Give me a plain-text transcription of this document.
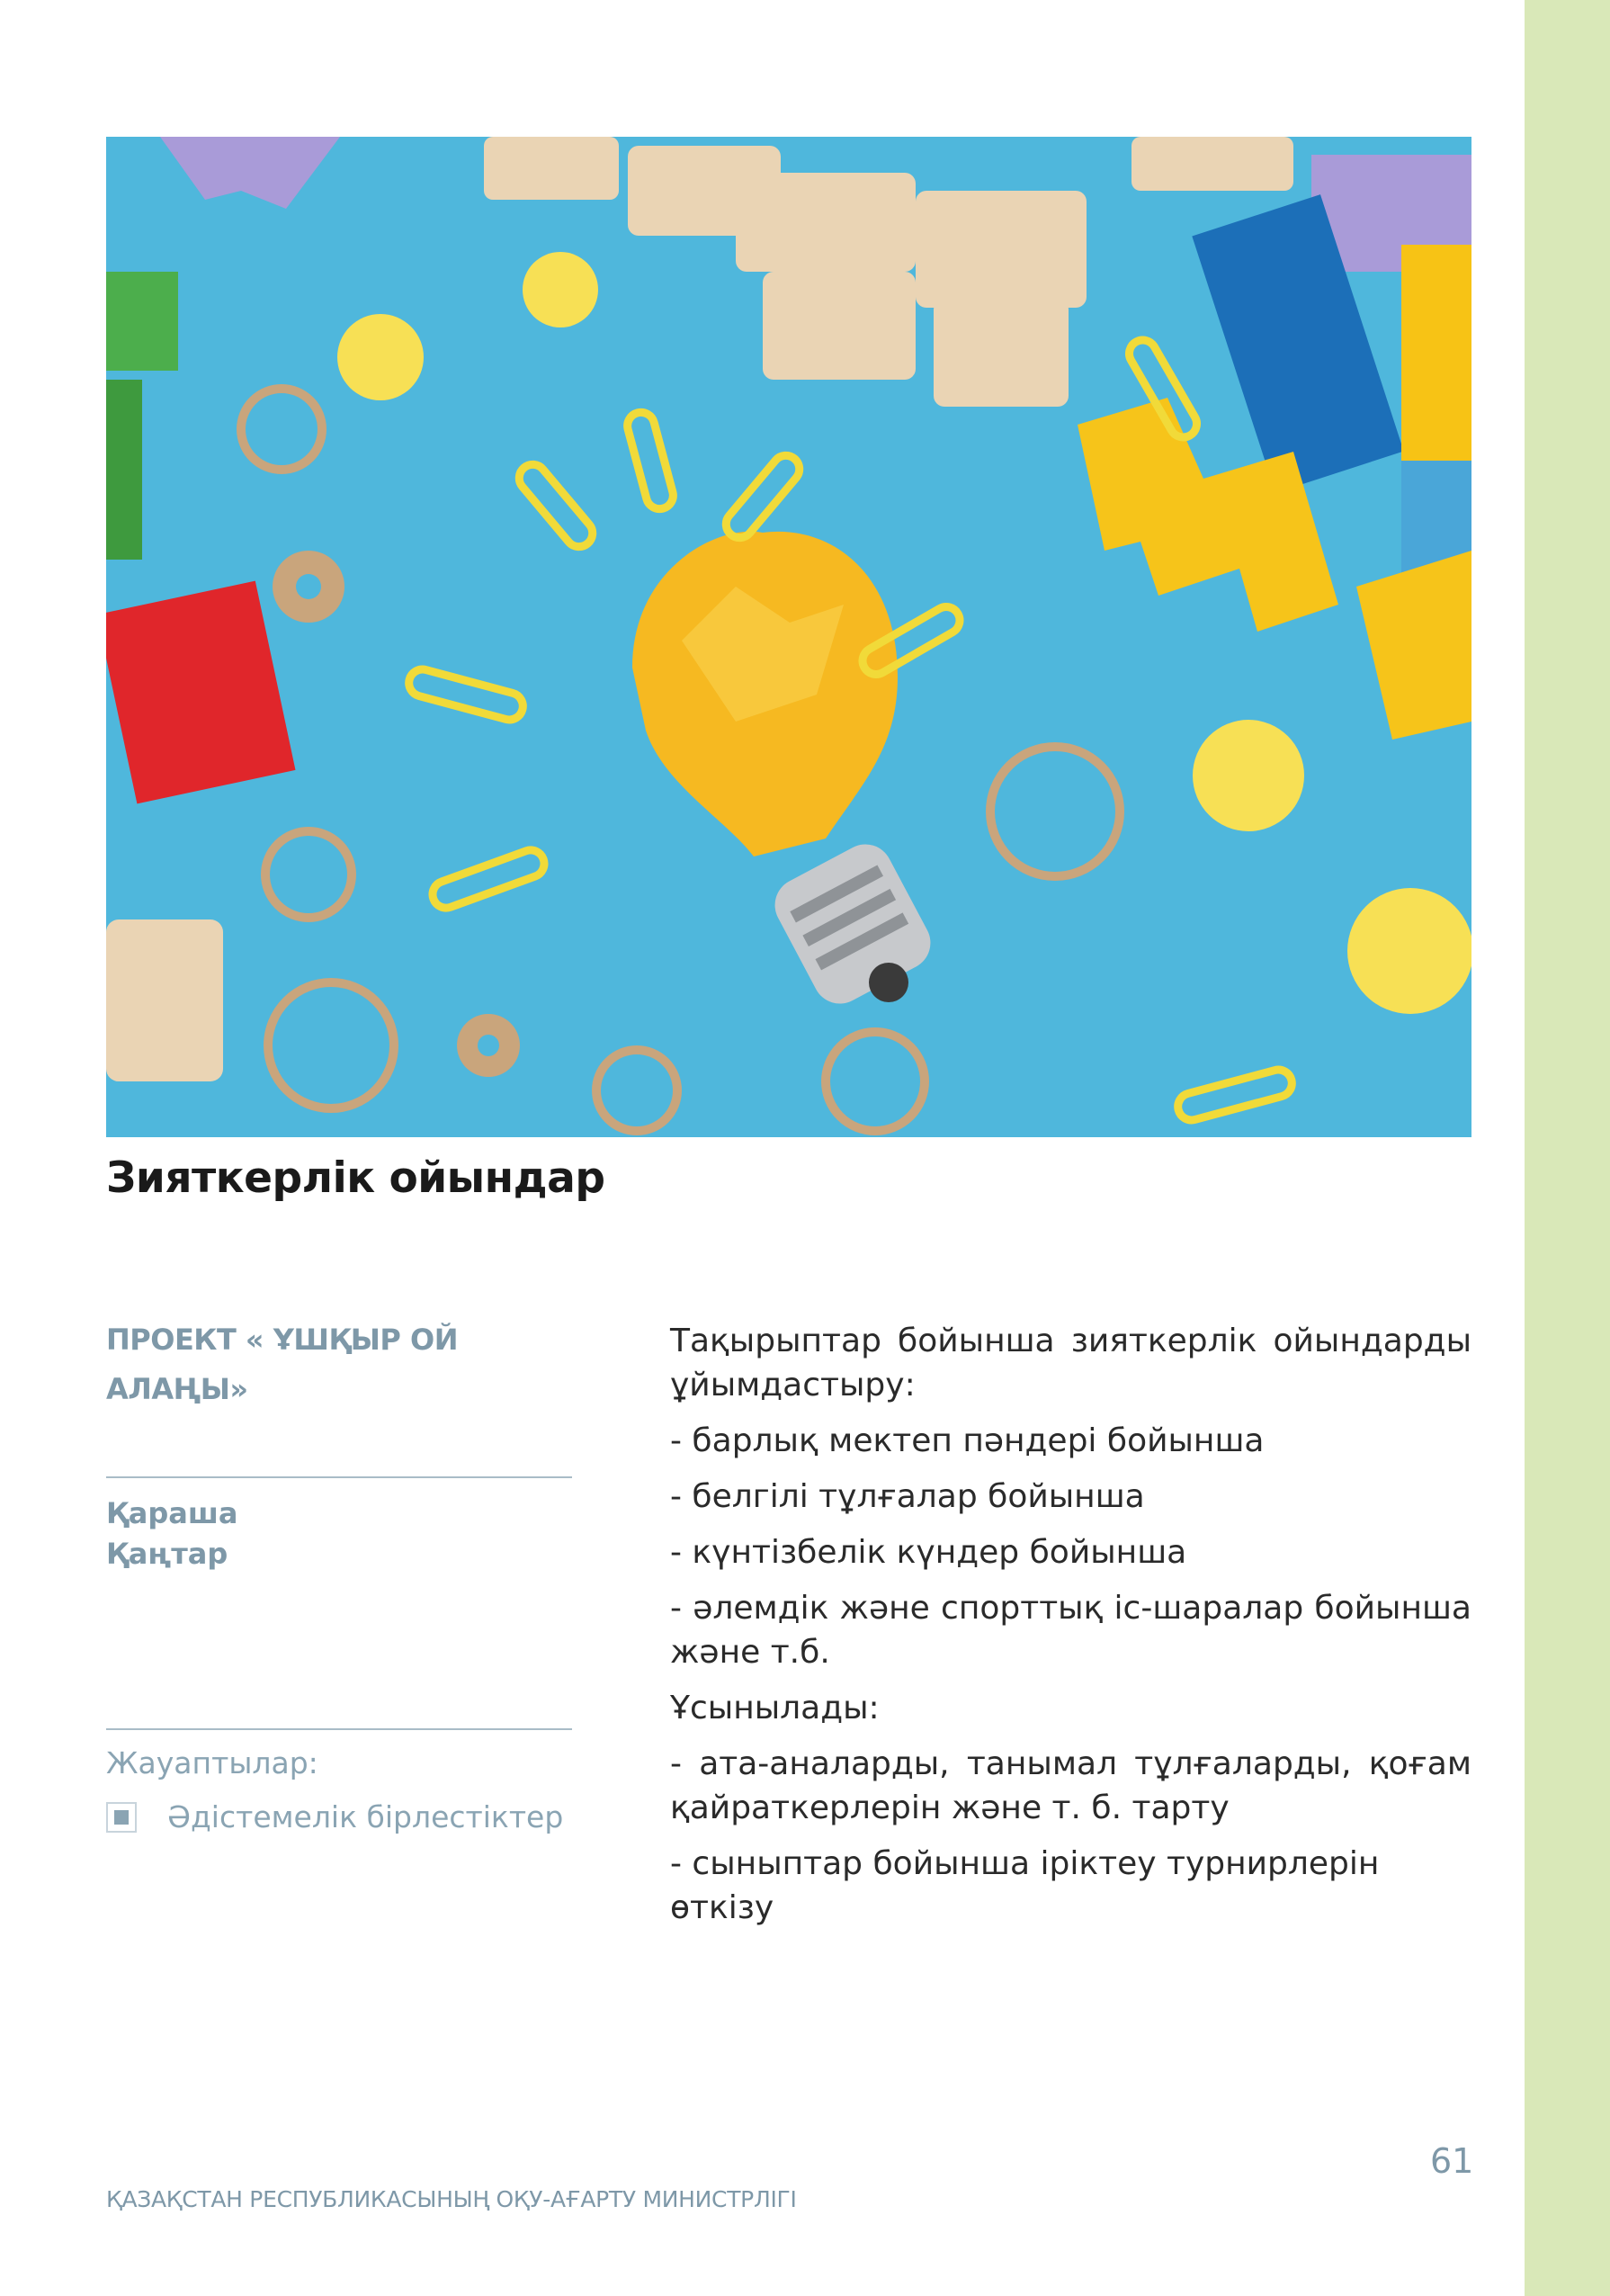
Зияткерлік ойындар
ПРОЕКТ « ҰШҚЫР ОЙ АЛАҢЫ»
Қараша
Қаңтар
Жауаптылар:
Әдістемелік бірлестіктер

Тақырыптар бойынша зияткерлік ойындарды ұйымдастыру:

- барлық мектеп пәндері бойынша

- белгілі тұлғалар бойынша

- күнтізбелік күндер бойынша

- әлемдік және спорттық іс-шаралар бойынша және т.б.

Ұсынылады:

- ата-аналарды, танымал тұлғаларды, қоғам қайраткерлерін және т. б. тарту

- сыныптар бойынша іріктеу турнирлерін өткізу

61
ҚАЗАҚСТАН РЕСПУБЛИКАСЫНЫҢ ОҚУ-АҒАРТУ МИНИСТРЛІГІ
